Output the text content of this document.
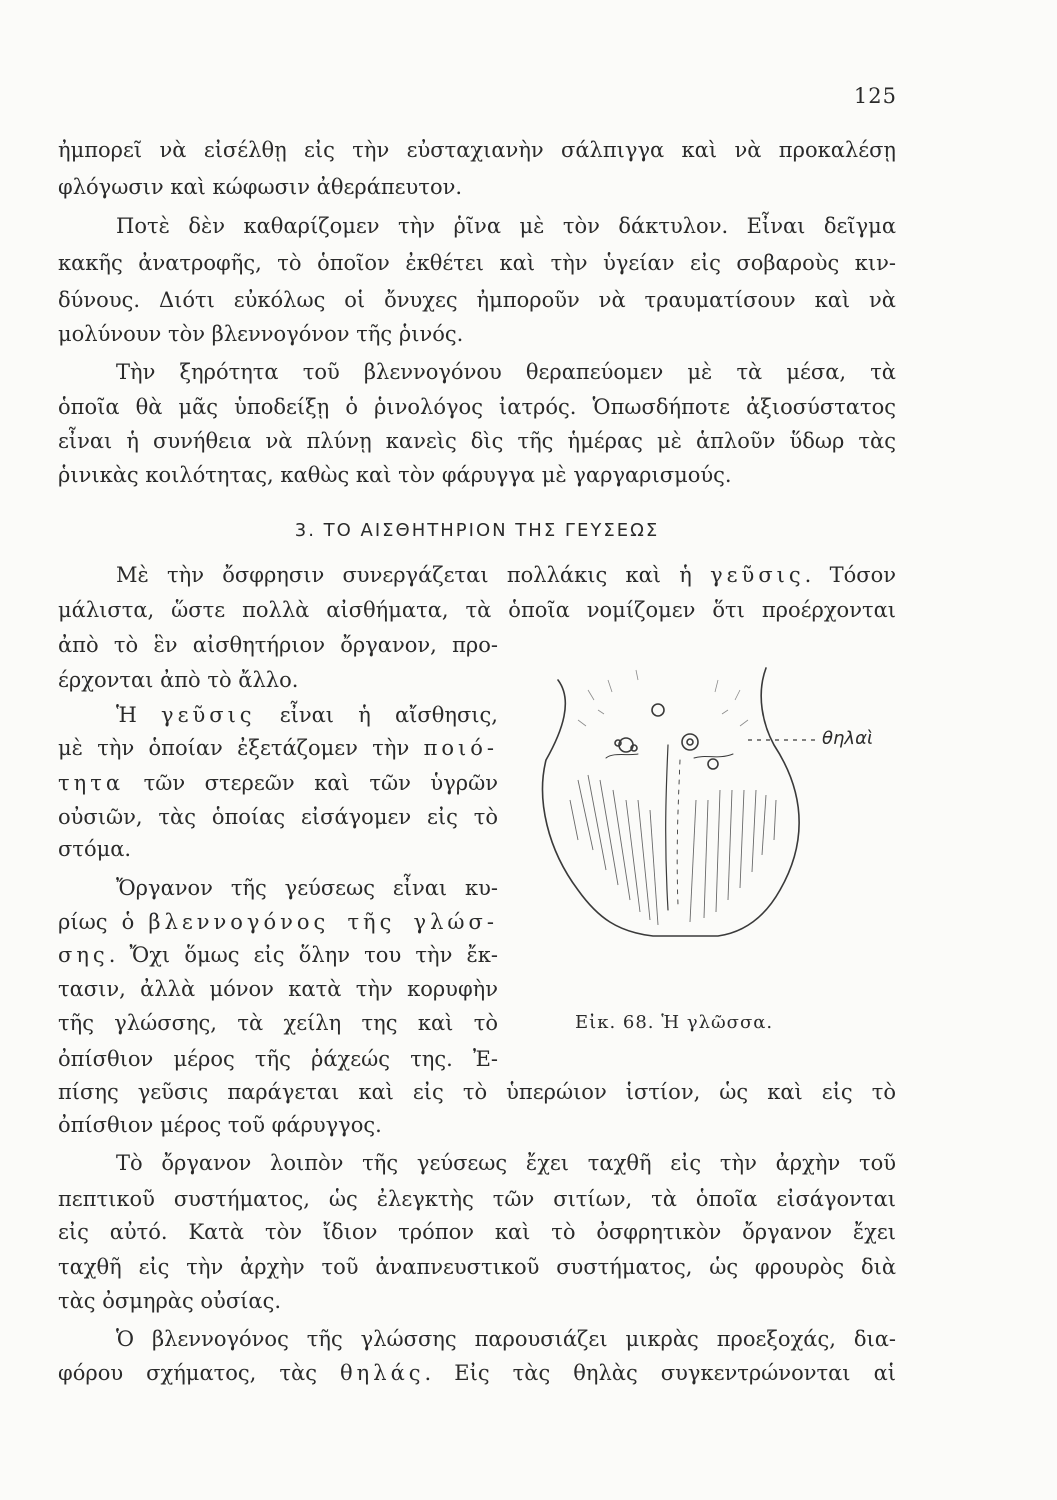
125
ἠμπορεῖ νὰ εἰσέλθῃ εἰς τὴν εὐσταχιανὴν σάλπιγγα καὶ νὰ προκαλέσῃ
φλόγωσιν καὶ κώφωσιν ἀθεράπευτον.
Ποτὲ δὲν καθαρίζομεν τὴν ῥῖνα μὲ τὸν δάκτυλον. Εἶναι δεῖγμα
κακῆς ἀνατροφῆς, τὸ ὁποῖον ἐκθέτει καὶ τὴν ὑγείαν εἰς σοβαροὺς κιν-
δύνους. Διότι εὐκόλως οἱ ὄνυχες ἠμποροῦν νὰ τραυματίσουν καὶ νὰ
μολύνουν τὸν βλεννογόνον τῆς ῥινός.
Τὴν ξηρότητα τοῦ βλεννογόνου θεραπεύομεν μὲ τὰ μέσα, τὰ
ὁποῖα θὰ μᾶς ὑποδείξῃ ὁ ῥινολόγος ἰατρός. Ὁπωσδήποτε ἀξιοσύστατος
εἶναι ἡ συνήθεια νὰ πλύνῃ κανεὶς δὶς τῆς ἡμέρας μὲ ἁπλοῦν ὕδωρ τὰς
ῥινικὰς κοιλότητας, καθὼς καὶ τὸν φάρυγγα μὲ γαργαρισμούς.
3. ΤΟ ΑΙΣΘΗΤΗΡΙΟΝ ΤΗΣ ΓΕΥΣΕΩΣ
Μὲ τὴν ὄσφρησιν συνεργάζεται πολλάκις καὶ ἡ γεῦσις. Τόσον
μάλιστα, ὥστε πολλὰ αἰσθήματα, τὰ ὁποῖα νομίζομεν ὅτι προέρχονται
ἀπὸ τὸ ἓν αἰσθητήριον ὄργανον, προ-
έρχονται ἀπὸ τὸ ἄλλο.
Ἡ γεῦσις εἶναι ἡ αἴσθησις,
μὲ τὴν ὁποίαν ἐξετάζομεν τὴν ποιό-
τητα τῶν στερεῶν καὶ τῶν ὑγρῶν
οὐσιῶν, τὰς ὁποίας εἰσάγομεν εἰς τὸ
στόμα.
Ὄργανον τῆς γεύσεως εἶναι κυ-
ρίως ὁ βλεννογόνος τῆς γλώσ-
σης. Ὄχι ὅμως εἰς ὅλην του τὴν ἔκ-
τασιν, ἀλλὰ μόνον κατὰ τὴν κορυφὴν
τῆς γλώσσης, τὰ χείλη της καὶ τὸ
ὀπίσθιον μέρος τῆς ῥάχεώς της. Ἐ-
πίσης γεῦσις παράγεται καὶ εἰς τὸ ὑπερώιον ἱστίον, ὡς καὶ εἰς τὸ
ὀπίσθιον μέρος τοῦ φάρυγγος.
Τὸ ὄργανον λοιπὸν τῆς γεύσεως ἔχει ταχθῆ εἰς τὴν ἀρχὴν τοῦ
πεπτικοῦ συστήματος, ὡς ἐλεγκτὴς τῶν σιτίων, τὰ ὁποῖα εἰσάγονται
εἰς αὐτό. Κατὰ τὸν ἴδιον τρόπον καὶ τὸ ὀσφρητικὸν ὄργανον ἔχει
ταχθῆ εἰς τὴν ἀρχὴν τοῦ ἀναπνευστικοῦ συστήματος, ὡς φρουρὸς διὰ
τὰς ὀσμηρὰς οὐσίας.
Ὁ βλεννογόνος τῆς γλώσσης παρουσιάζει μικρὰς προεξοχάς, δια-
φόρου σχήματος, τὰς θηλάς. Εἰς τὰς θηλὰς συγκεντρώνονται αἱ
θηλαὶ
Εἰκ. 68. Ἡ γλῶσσα.
